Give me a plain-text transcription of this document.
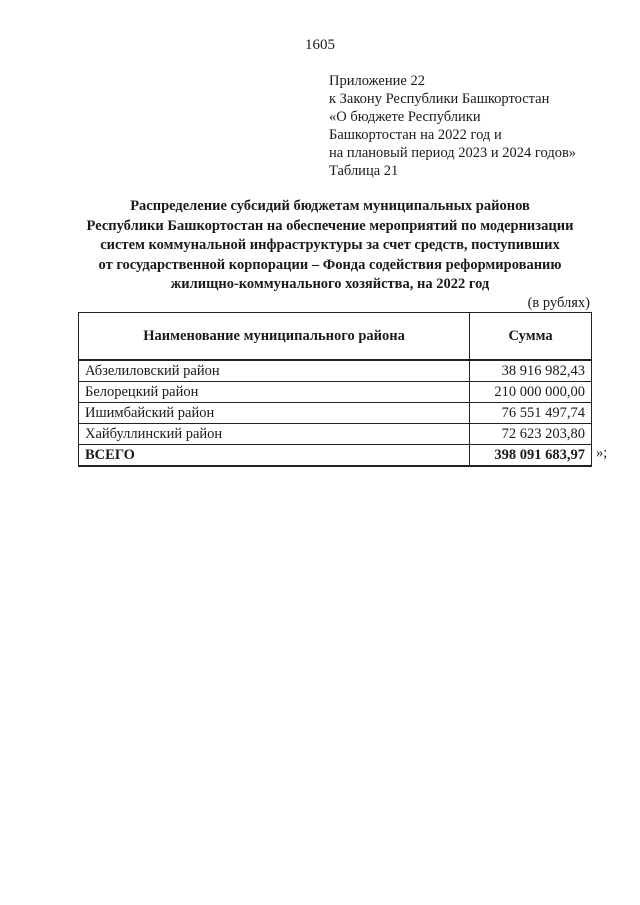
1605
Приложение 22
к Закону Республики Башкортостан
«О бюджете Республики
Башкортостан на 2022 год и
на плановый период 2023 и 2024 годов»
Таблица 21
Распределение субсидий бюджетам муниципальных районов
Республики Башкортостан на обеспечение мероприятий по модернизации
систем коммунальной инфраструктуры за счет средств, поступивших
от государственной корпорации – Фонда содействия реформированию
жилищно-коммунального хозяйства, на 2022 год
(в рублях)
Наименование муниципального района	Сумма
Абзелиловский район	38 916 982,43
Белорецкий район	210 000 000,00
Ишимбайский район	76 551 497,74
Хайбуллинский район	72 623 203,80
ВСЕГО	398 091 683,97 »;
